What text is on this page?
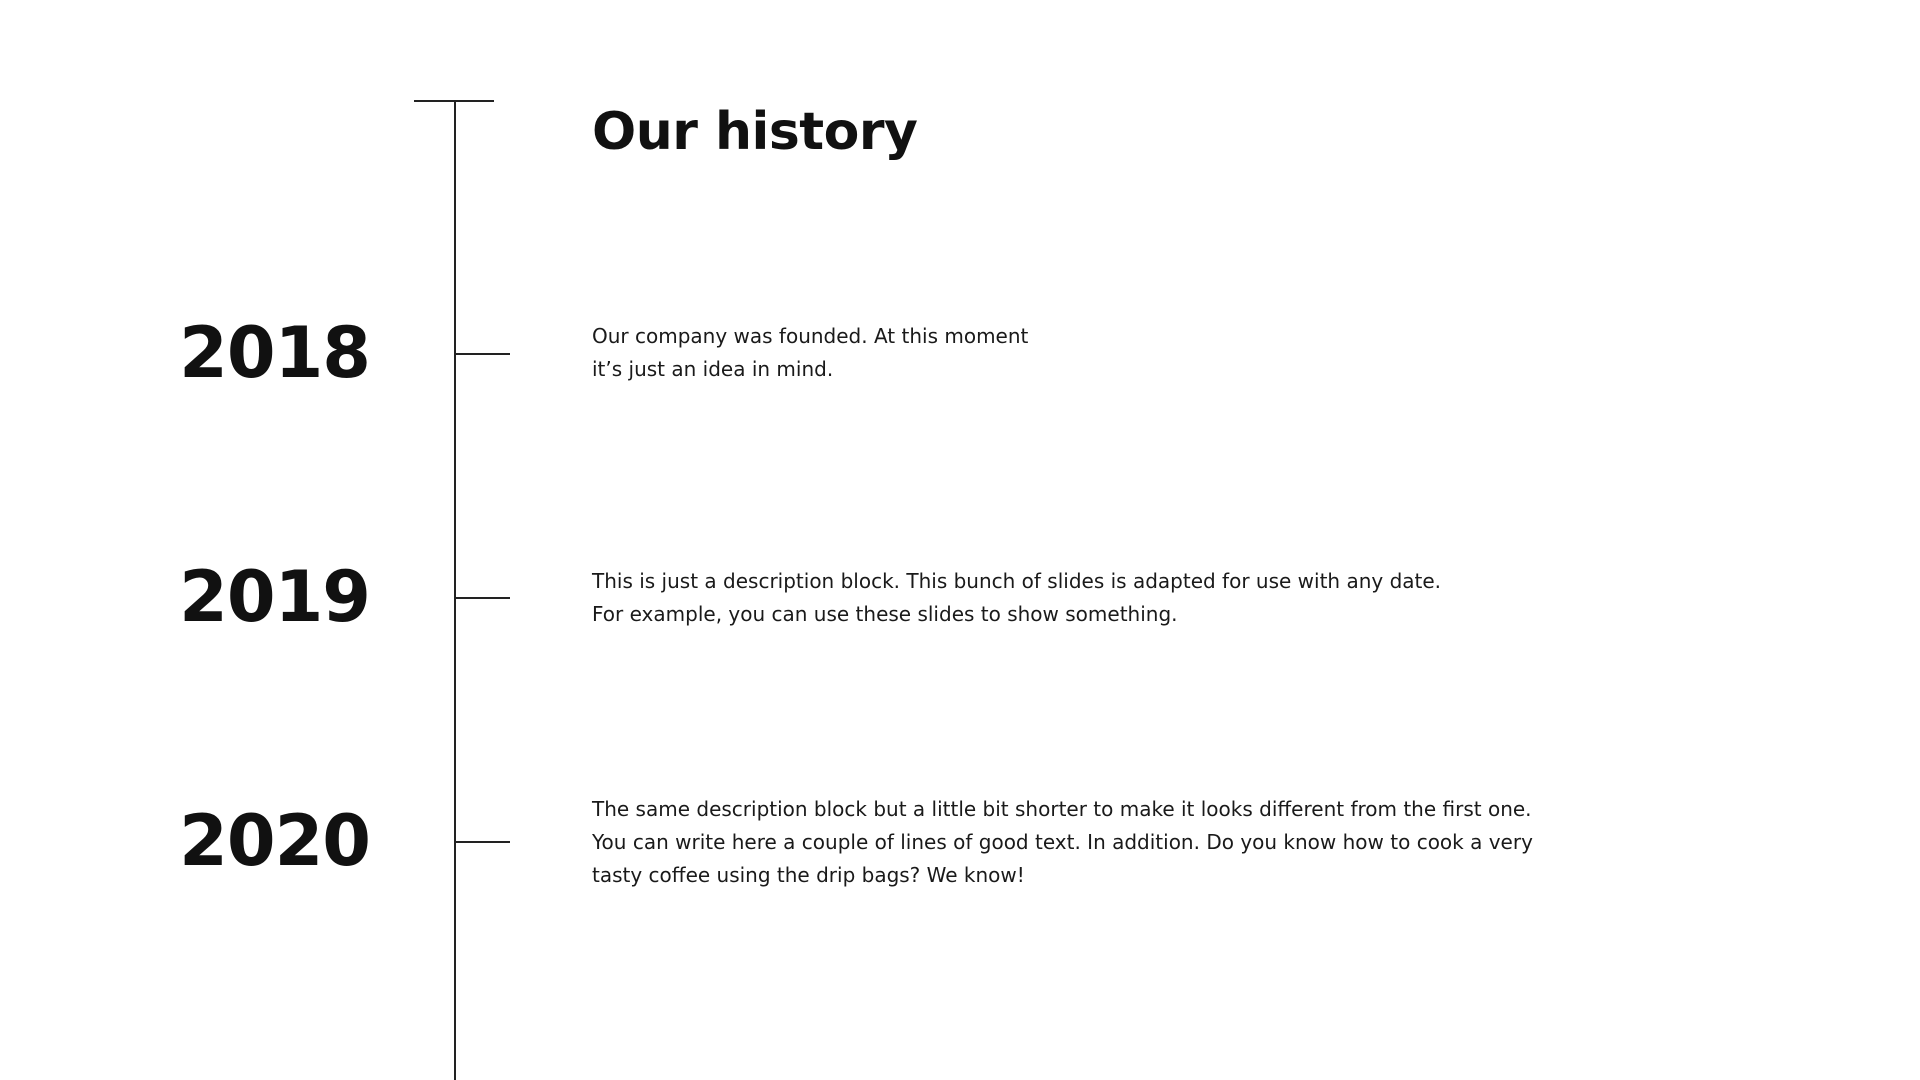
Our history
2018	Our company was founded. At this moment
it’s just an idea in mind.
2019	This is just a description block. This bunch of slides is adapted for use with any date.
For example, you can use these slides to show something.
2020	The same description block but a little bit shorter to make it looks different from the first one.
You can write here a couple of lines of good text. In addition. Do you know how to cook a very
tasty coffee using the drip bags? We know!
